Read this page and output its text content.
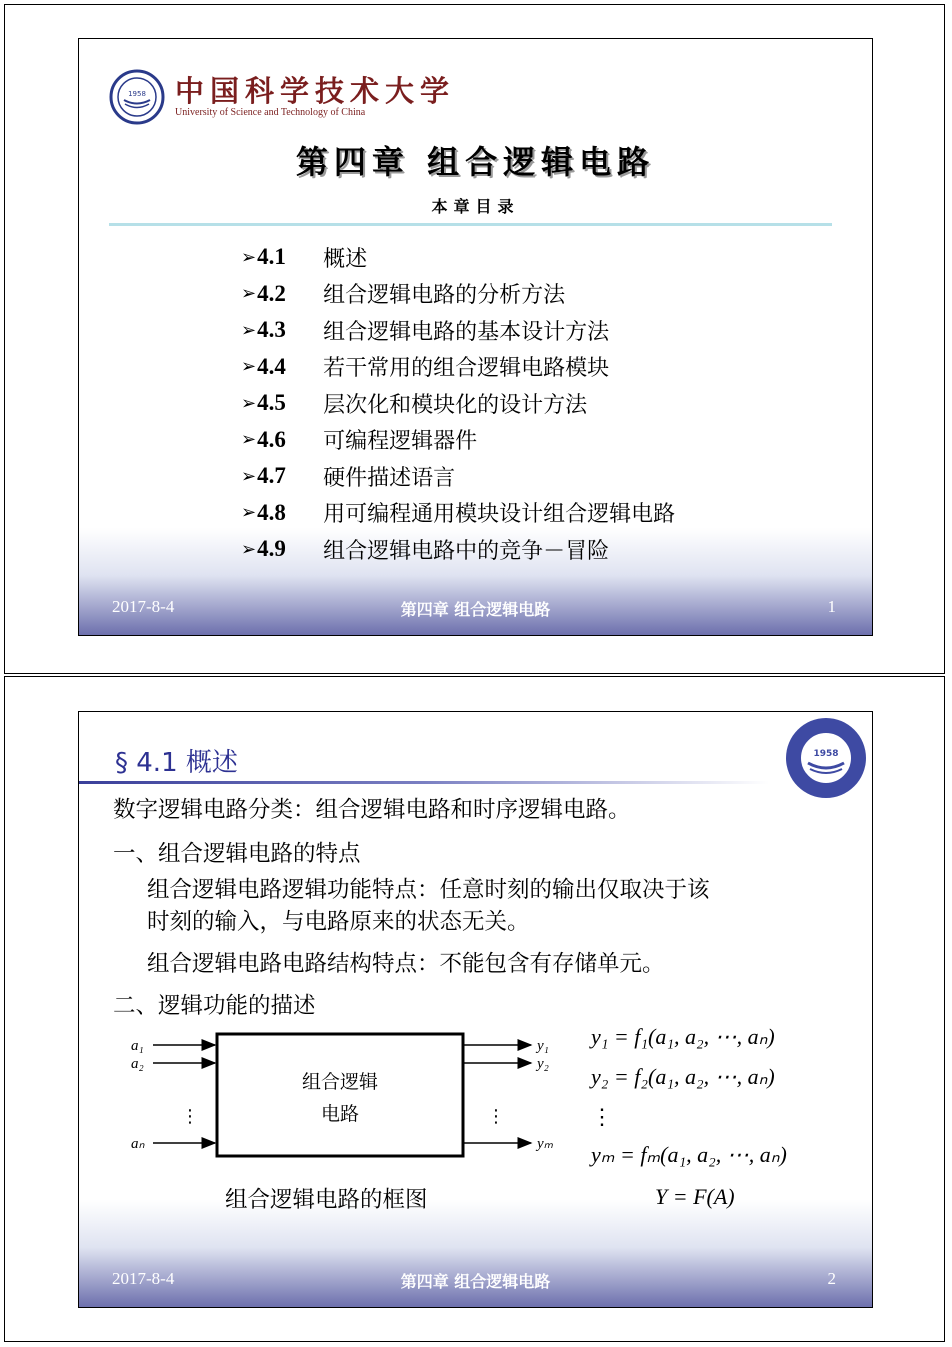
1958 中国科学技术大学
University of Science and Technology of China
第四章 组合逻辑电路
本章目录
➢ 4.1	概述
➢ 4.2	组合逻辑电路的分析方法
➢ 4.3	组合逻辑电路的基本设计方法
➢ 4.4	若干常用的组合逻辑电路模块
➢ 4.5	层次化和模块化的设计方法
➢ 4.6	可编程逻辑器件
➢ 4.7	硬件描述语言
➢ 4.8	用可编程通用模块设计组合逻辑电路
➢ 4.9	组合逻辑电路中的竞争－冒险
2017-8-4	第四章 组合逻辑电路	1
§ 4.1 概述	1958
数字逻辑电路分类：组合逻辑电路和时序逻辑电路。
一、组合逻辑电路的特点
组合逻辑电路逻辑功能特点：任意时刻的输出仅取决于该
时刻的输入，与电路原来的状态无关。
组合逻辑电路电路结构特点：不能包含有存储单元。
二、逻辑功能的描述
组合逻辑
电路
a₁
a₂
⋮
aₙ
y₁
y₂
⋮
yₘ
组合逻辑电路的框图
y₁ = f₁(a₁, a₂, ⋯, aₙ)
y₂ = f₂(a₁, a₂, ⋯, aₙ)
⋮
yₘ = fₘ(a₁, a₂, ⋯, aₙ)
Y = F(A)
2017-8-4	第四章 组合逻辑电路	2
